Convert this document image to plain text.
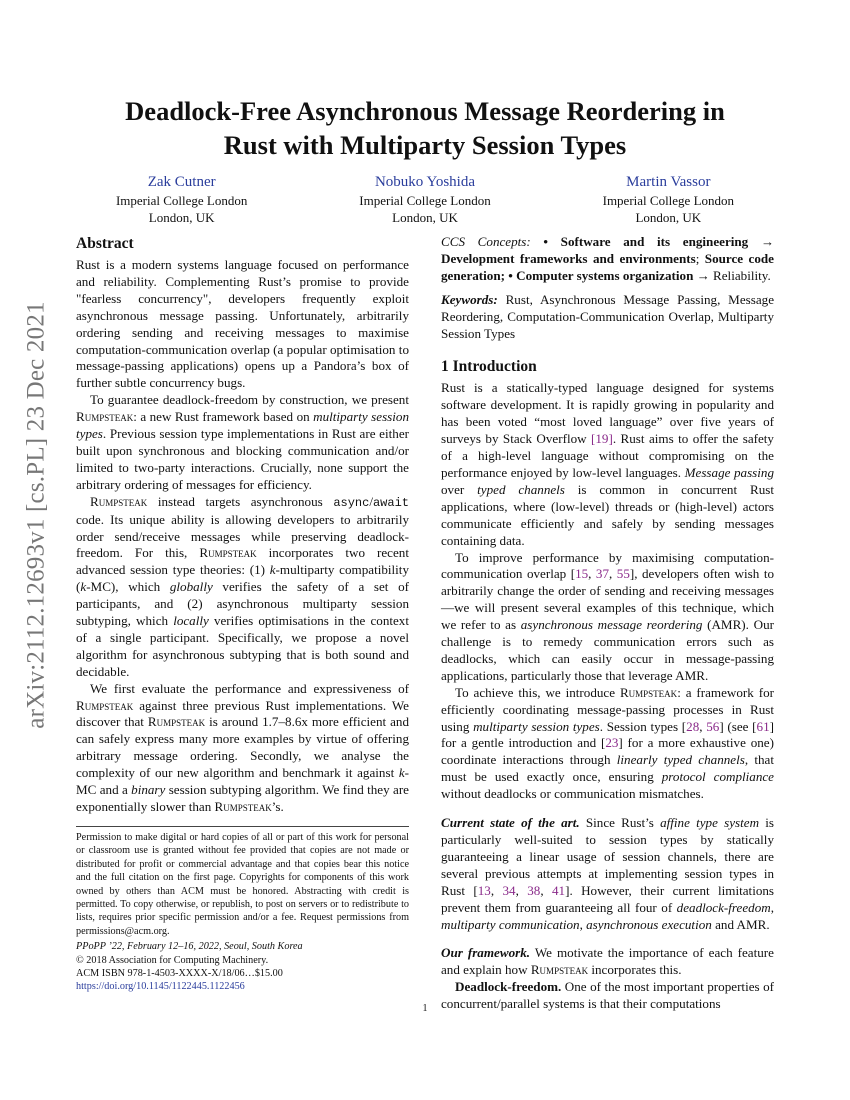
arXiv:2112.12693v1 [cs.PL] 23 Dec 2021
Deadlock-Free Asynchronous Message Reordering in
Rust with Multiparty Session Types
Zak Cutner
Imperial College London
London, UK
Nobuko Yoshida
Imperial College London
London, UK
Martin Vassor
Imperial College London
London, UK
Abstract

Rust is a modern systems language focused on performance and reliability. Complementing Rust’s promise to provide "fearless concurrency", developers frequently exploit asynchronous message passing. Unfortunately, arbitrarily ordering sending and receiving messages to maximise computation-communication overlap (a popular optimisation to message-passing applications) opens up a Pandora’s box of further subtle concurrency bugs.

To guarantee deadlock-freedom by construction, we present Rumpsteak: a new Rust framework based on multiparty session types. Previous session type implementations in Rust are either built upon synchronous and blocking communication and/or limited to two-party interactions. Crucially, none support the arbitrary ordering of messages for efficiency.

Rumpsteak instead targets asynchronous async/await code. Its unique ability is allowing developers to arbitrarily order send/receive messages while preserving deadlock-freedom. For this, Rumpsteak incorporates two recent advanced session type theories: (1) k-multiparty compatibility (k-MC), which globally verifies the safety of a set of participants, and (2) asynchronous multiparty session subtyping, which locally verifies optimisations in the context of a single participant. Specifically, we propose a novel algorithm for asynchronous subtyping that is both sound and decidable.

We first evaluate the performance and expressiveness of Rumpsteak against three previous Rust implementations. We discover that Rumpsteak is around 1.7–8.6x more efficient and can safely express many more examples by virtue of offering arbitrary message ordering. Secondly, we analyse the complexity of our new algorithm and benchmark it against k-MC and a binary session subtyping algorithm. We find they are exponentially slower than Rumpsteak’s.

Permission to make digital or hard copies of all or part of this work for personal or classroom use is granted without fee provided that copies are not made or distributed for profit or commercial advantage and that copies bear this notice and the full citation on the first page. Copyrights for components of this work owned by others than ACM must be honored. Abstracting with credit is permitted. To copy otherwise, or republish, to post on servers or to redistribute to lists, requires prior specific permission and/or a fee. Request permissions from permissions@acm.org.

PPoPP ’22, February 12–16, 2022, Seoul, South Korea

© 2018 Association for Computing Machinery.

ACM ISBN 978-1-4503-XXXX-X/18/06…$15.00

https://doi.org/10.1145/1122445.1122456

CCS Concepts: • Software and its engineering → Development frameworks and environments; Source code generation; • Computer systems organization → Reliability.

Keywords: Rust, Asynchronous Message Passing, Message Reordering, Computation-Communication Overlap, Multiparty Session Types

1 Introduction

Rust is a statically-typed language designed for systems software development. It is rapidly growing in popularity and has been voted “most loved language” over five years of surveys by Stack Overflow [19]. Rust aims to offer the safety of a high-level language without compromising on the performance enjoyed by low-level languages. Message passing over typed channels is common in concurrent Rust applications, where (low-level) threads or (high-level) actors communicate efficiently and safely by sending messages containing data.

To improve performance by maximising computation-communication overlap [15, 37, 55], developers often wish to arbitrarily change the order of sending and receiving messages—we will present several examples of this technique, which we refer to as asynchronous message reordering (AMR). Our challenge is to remedy communication errors such as deadlocks, which can easily occur in message-passing applications, particularly those that leverage AMR.

To achieve this, we introduce Rumpsteak: a framework for efficiently coordinating message-passing processes in Rust using multiparty session types. Session types [28, 56] (see [61] for a gentle introduction and [23] for a more exhaustive one) coordinate interactions through linearly typed channels, that must be used exactly once, ensuring protocol compliance without deadlocks or communication mismatches.

Current state of the art. Since Rust’s affine type system is particularly well-suited to session types by statically guaranteeing a linear usage of session channels, there are several previous attempts at implementing session types in Rust [13, 34, 38, 41]. However, their current limitations prevent them from guaranteeing all four of deadlock-freedom, multiparty communication, asynchronous execution and AMR.

Our framework. We motivate the importance of each feature and explain how Rumpsteak incorporates this.

Deadlock-freedom. One of the most important properties of concurrent/parallel systems is that their computations

1
